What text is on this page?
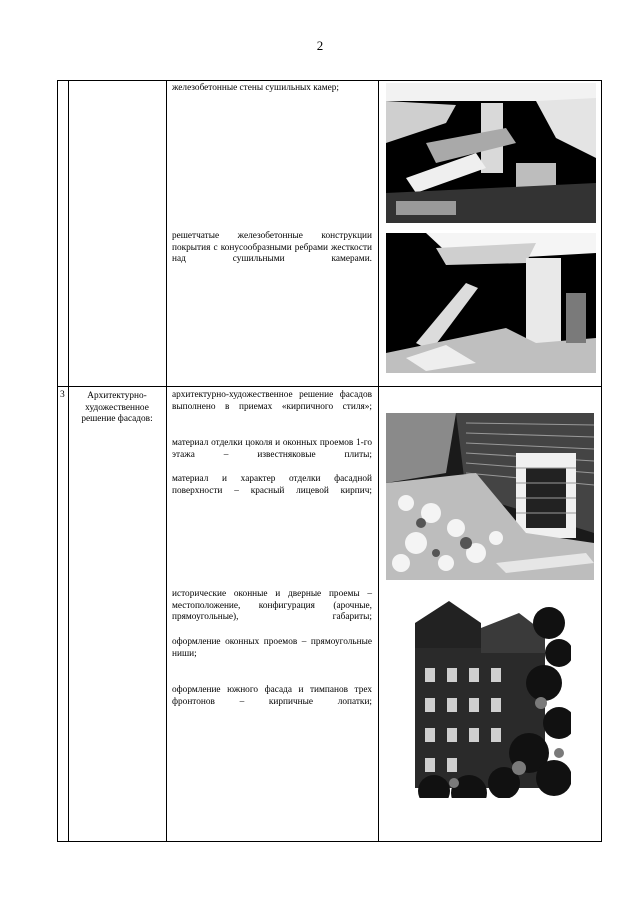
2
железобетонные стены сушильных камер;
решетчатые железобетонные конструкции покрытия с конусообразными ребрами жесткости над сушильными камерами.
3	Архитектурно-художественное решение фасадов:
архитектурно-художественное решение фасадов выполнено в приемах «кирпичного стиля»;
материал отделки цоколя и оконных проемов 1-го этажа – известняковые плиты;
материал и характер отделки фасадной поверхности – красный лицевой кирпич;
исторические оконные и дверные проемы – местоположение, конфигурация (арочные, прямоугольные), габариты;
оформление оконных проемов – прямоугольные ниши;
оформление южного фасада и тимпанов трех фронтонов – кирпичные лопатки;
